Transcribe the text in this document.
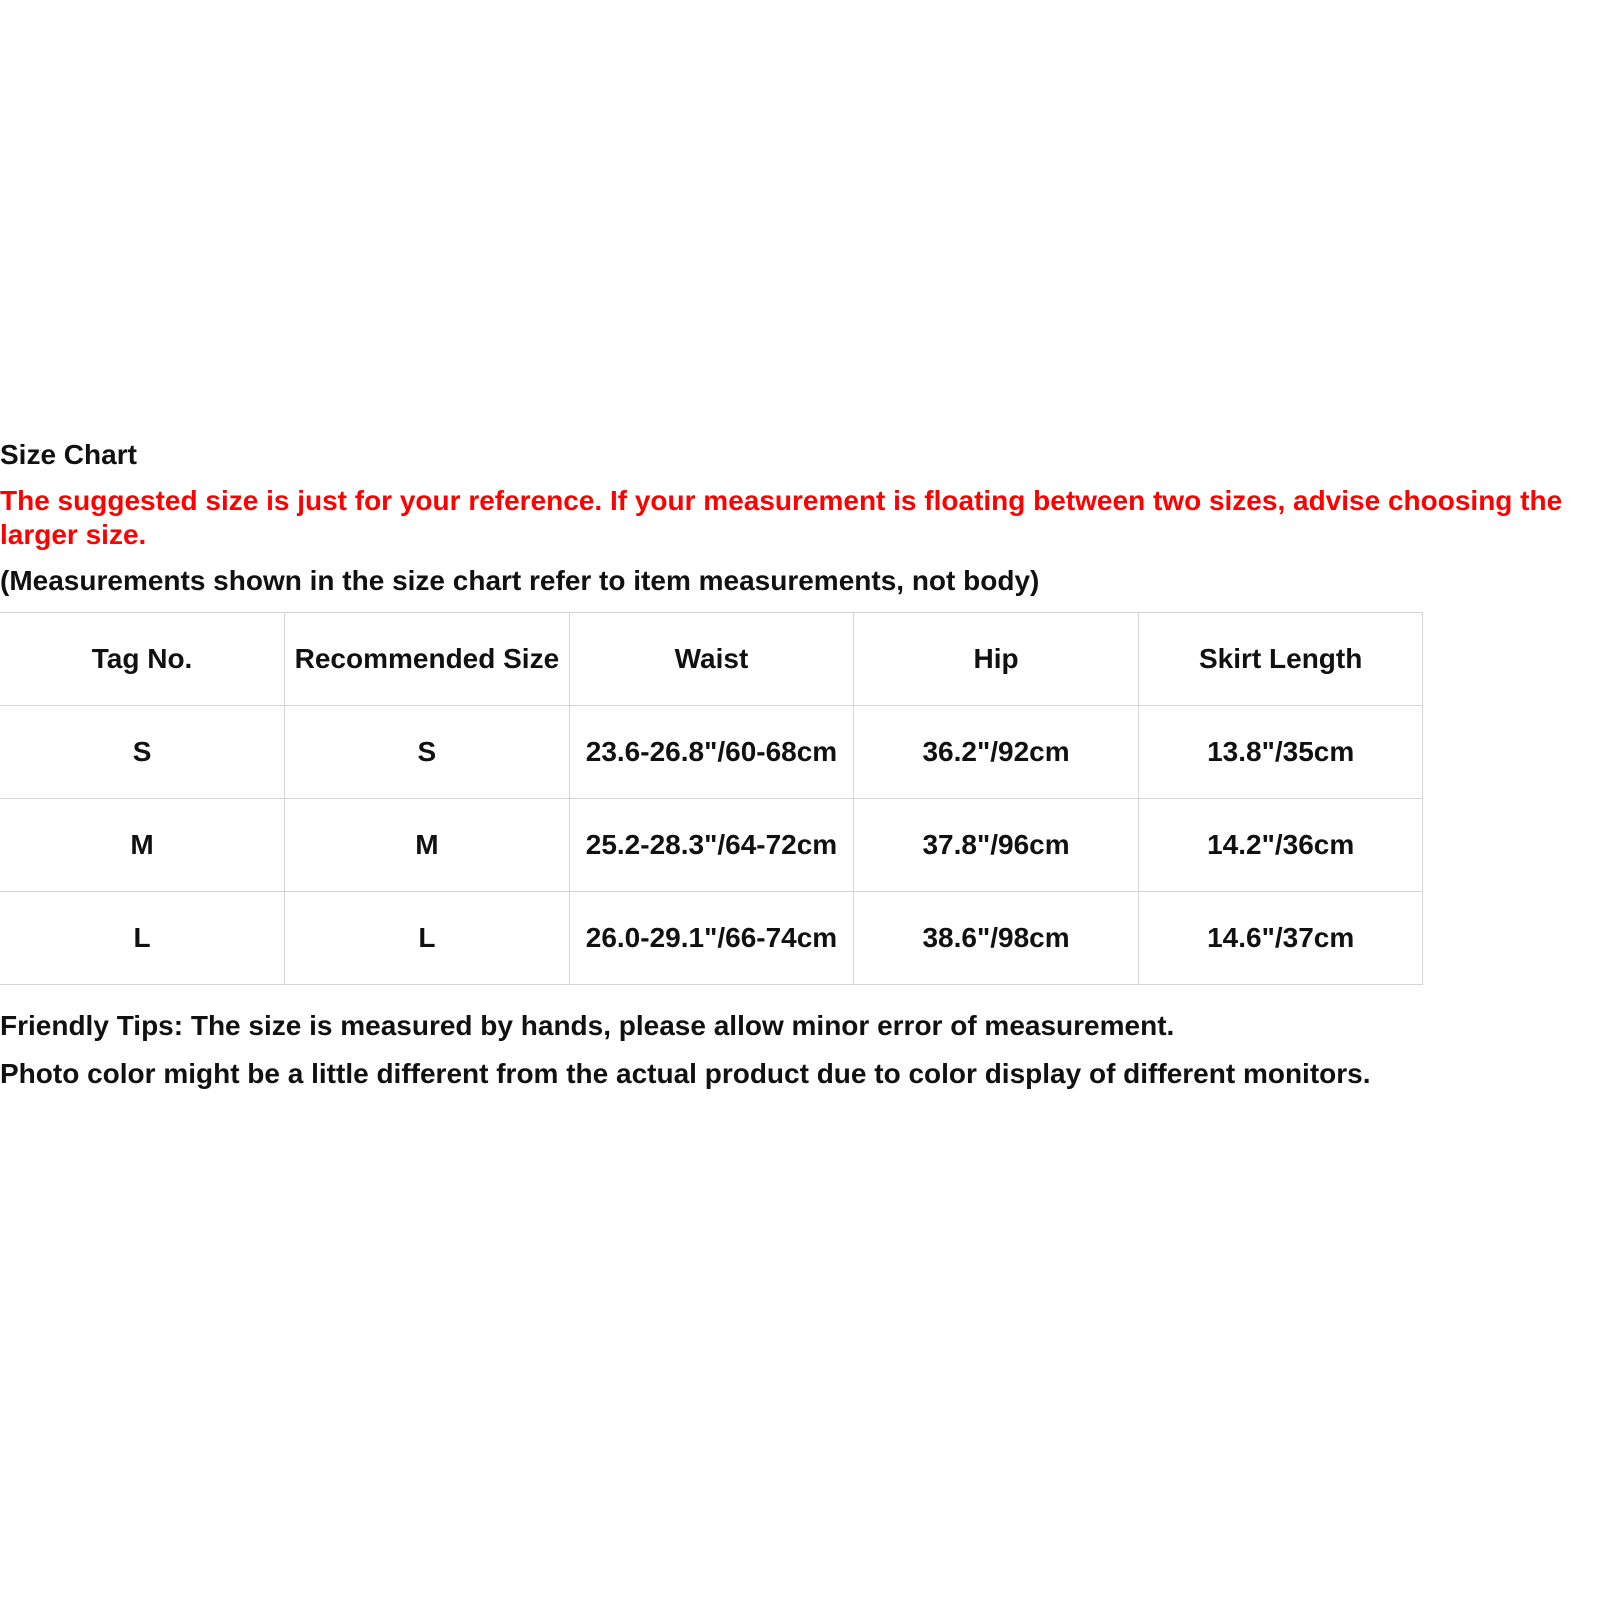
Size Chart

The suggested size is just for your reference. If your measurement is floating between two sizes, advise choosing the larger size.

(Measurements shown in the size chart refer to item measurements, not body)

Tag No.	Recommended Size	Waist	Hip	Skirt Length
S	S	23.6-26.8"/60-68cm	36.2"/92cm	13.8"/35cm
M	M	25.2-28.3"/64-72cm	37.8"/96cm	14.2"/36cm
L	L	26.0-29.1"/66-74cm	38.6"/98cm	14.6"/37cm

Friendly Tips: The size is measured by hands, please allow minor error of measurement.

Photo color might be a little different from the actual product due to color display of different monitors.
